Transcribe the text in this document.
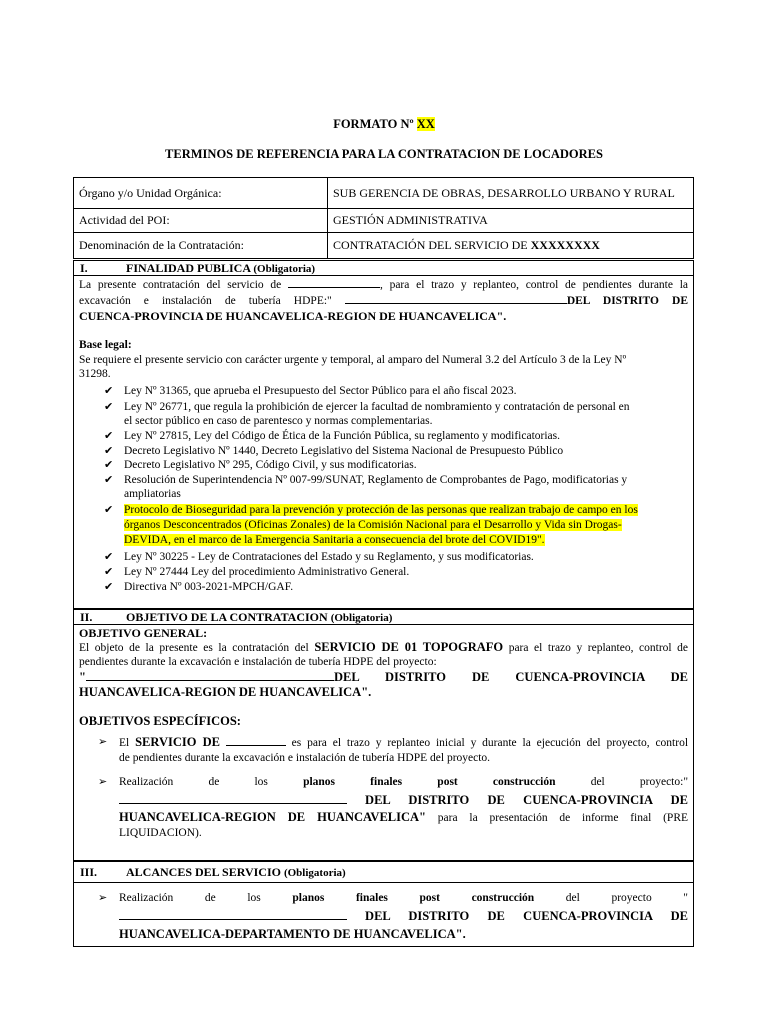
FORMATO Nº XX
TERMINOS DE REFERENCIA PARA LA CONTRATACION DE LOCADORES
Órgano y/o Unidad Orgánica:	SUB GERENCIA DE OBRAS, DESARROLLO URBANO Y RURAL
Actividad del POI:	GESTIÓN ADMINISTRATIVA
Denominación de la Contratación:	CONTRATACIÓN DEL SERVICIO DE XXXXXXXX
I.	FINALIDAD PUBLICA (Obligatoria)
La presente contratación del servicio de	, para el trazo y replanteo, control de pendientes durante la
excavación e instalación de tubería HDPE:"	DEL DISTRITO DE
CUENCA-PROVINCIA DE HUANCAVELICA-REGION DE HUANCAVELICA".
Base legal:
Se requiere el presente servicio con carácter urgente y temporal, al amparo del Numeral 3.2 del Artículo 3 de la Ley Nº
31298.
✔ Ley Nº 31365, que aprueba el Presupuesto del Sector Público para el año fiscal 2023.
✔ Ley Nº 26771, que regula la prohibición de ejercer la facultad de nombramiento y contratación de personal en
el sector público en caso de parentesco y normas complementarias.
✔ Ley Nº 27815, Ley del Código de Ética de la Función Pública, su reglamento y modificatorias.
✔ Decreto Legislativo Nº 1440, Decreto Legislativo del Sistema Nacional de Presupuesto Público
✔ Decreto Legislativo Nº 295, Código Civil, y sus modificatorias.
✔ Resolución de Superintendencia Nº 007-99/SUNAT, Reglamento de Comprobantes de Pago, modificatorias y
ampliatorias
✔ Protocolo de Bioseguridad para la prevención y protección de las personas que realizan trabajo de campo en los
órganos Desconcentrados (Oficinas Zonales) de la Comisión Nacional para el Desarrollo y Vida sin Drogas-
DEVIDA, en el marco de la Emergencia Sanitaria a consecuencia del brote del COVID19".
✔ Ley Nº 30225 - Ley de Contrataciones del Estado y su Reglamento, y sus modificatorias.
✔ Ley Nº 27444 Ley del procedimiento Administrativo General.
✔ Directiva Nº 003-2021-MPCH/GAF.
II.	OBJETIVO DE LA CONTRATACION (Obligatoria)
OBJETIVO GENERAL:
El objeto de la presente es la contratación del SERVICIO DE 01 TOPOGRAFO para el trazo y replanteo, control de
pendientes durante la excavación e instalación de tubería HDPE del proyecto:
"	DEL DISTRITO DE CUENCA-PROVINCIA DE
HUANCAVELICA-REGION DE HUANCAVELICA".
OBJETIVOS ESPECÍFICOS:
➢ El SERVICIO DE	es para el trazo y replanteo inicial y durante la ejecución del proyecto, control
de pendientes durante la excavación e instalación de tubería HDPE del proyecto.
➢ Realización de los	planos finales post construcción	del proyecto:"
DEL DISTRITO DE CUENCA-PROVINCIA DE
HUANCAVELICA-REGION DE HUANCAVELICA" para la presentación de informe final (PRE
LIQUIDACION).
III. ALCANCES DEL SERVICIO (Obligatoria)
➢ Realización de los	planos finales post construcción	del proyecto "
DEL DISTRITO DE CUENCA-PROVINCIA DE
HUANCAVELICA-DEPARTAMENTO DE HUANCAVELICA".
